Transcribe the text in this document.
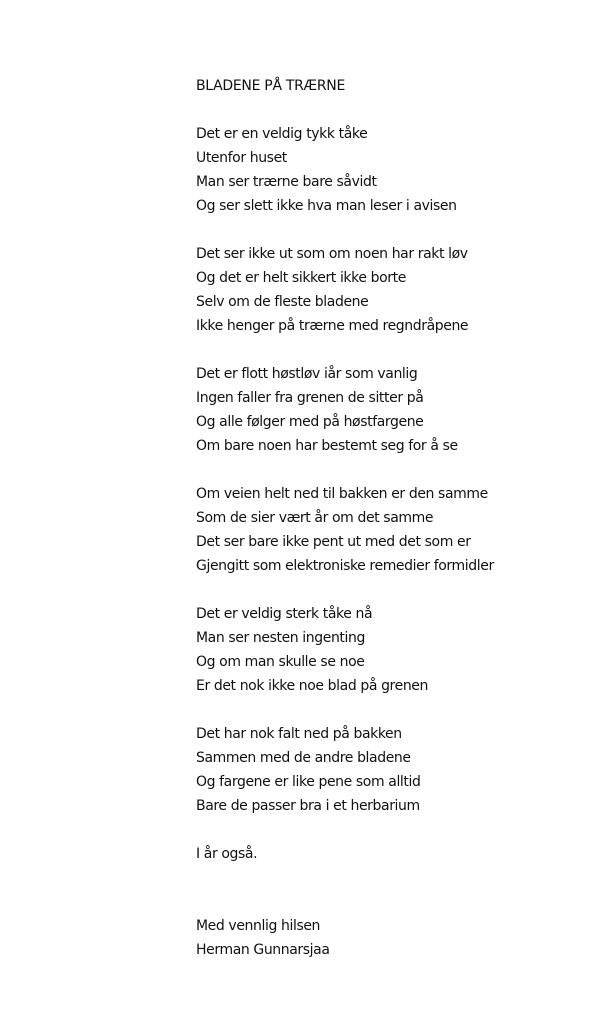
BLADENE PÅ TRÆRNE
Det er en veldig tykk tåke
Utenfor huset
Man ser trærne bare såvidt
Og ser slett ikke hva man leser i avisen
Det ser ikke ut som om noen har rakt løv
Og det er helt sikkert ikke borte
Selv om de fleste bladene
Ikke henger på trærne med regndråpene
Det er flott høstløv iår som vanlig
Ingen faller fra grenen de sitter på
Og alle følger med på høstfargene
Om bare noen har bestemt seg for å se
Om veien helt ned til bakken er den samme
Som de sier vært år om det samme
Det ser bare ikke pent ut med det som er
Gjengitt som elektroniske remedier formidler
Det er veldig sterk tåke nå
Man ser nesten ingenting
Og om man skulle se noe
Er det nok ikke noe blad på grenen
Det har nok falt ned på bakken
Sammen med de andre bladene
Og fargene er like pene som alltid
Bare de passer bra i et herbarium
I år også.
Med vennlig hilsen
Herman Gunnarsjaa
